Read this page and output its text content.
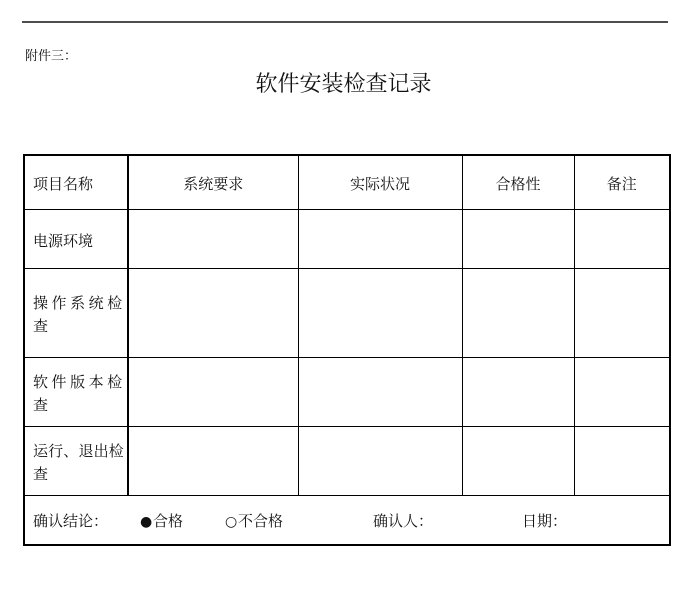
附件三：
软件安装检查记录
项目名称	系统要求	实际状况	合格性	备注

电源环境				

操作系统检查				

软件版本检查				

运行、退出检查				

确认结论： ●合格 ○不合格 确认人： 日期：				
